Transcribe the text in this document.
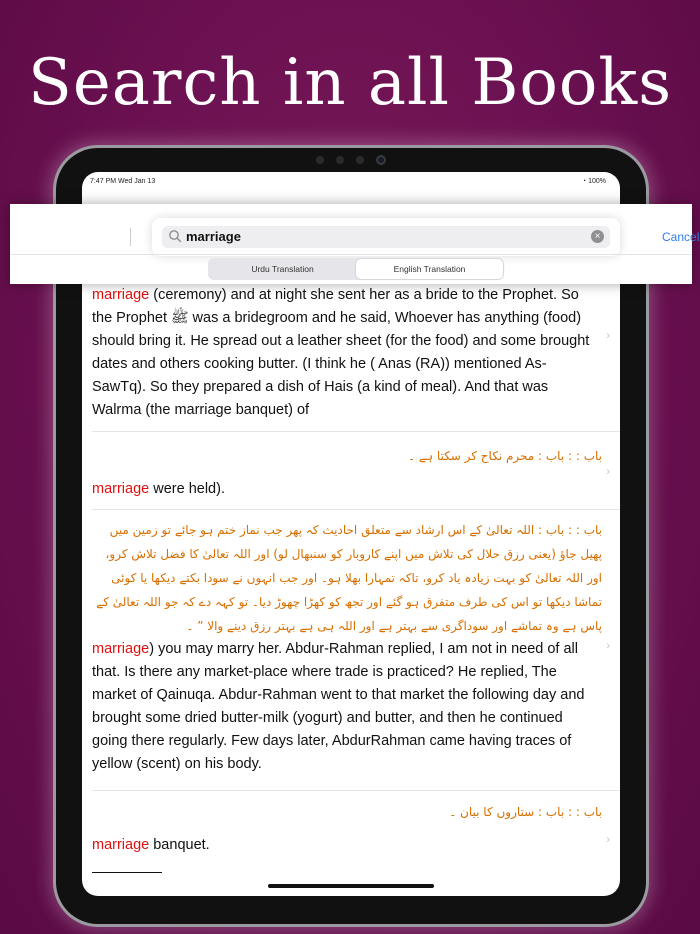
Search in all Books
7:47 PM Wed Jan 13	◔ 100%
marriage (ceremony) and at night she sent her as a bride to the Prophet. So the Prophet ﷺ was a bridegroom and he said, Whoever has anything (food) should bring it. He spread out a leather sheet (for the food) and some brought dates and others cooking butter. (I think he ( Anas (RA)) mentioned As-SawTq). So they prepared a dish of Hais (a kind of meal). And that was Walrma (the marriage banquet) of
›
باب : : باب : محرم نکاح کر سکتا ہے ۔
marriage were held).
›
باب : : باب : اللہ تعالیٰ کے اس ارشاد سے متعلق احادیث کہ پھر جب نماز ختم ہو جائے تو زمین میں پھیل جاؤ (یعنی رزق حلال کی تلاش میں اپنے کاروبار کو سنبھال لو) اور اللہ تعالیٰ کا فضل تلاش کرو، اور اللہ تعالیٰ کو بہت زیادہ یاد کرو، تاکہ تمہارا بھلا ہو۔ اور جب انہوں نے سودا بکتے دیکھا یا کوئی تماشا دیکھا تو اس کی طرف متفرق ہو گئے اور تجھ کو کھڑا چھوڑ دیا۔ تو کہہ دے کہ جو اللہ تعالیٰ کے پاس ہے وہ تماشے اور سوداگری سے بہتر ہے اور اللہ ہی ہے بہتر رزق دینے والا ” ۔
marriage) you may marry her. Abdur-Rahman replied, I am not in need of all that. Is there any market-place where trade is practiced? He replied, The market of Qainuqa. Abdur-Rahman went to that market the following day and brought some dried butter-milk (yogurt) and butter, and then he continued going there regularly. Few days later, AbdurRahman came having traces of yellow (scent) on his body.
›
باب : : باب : ستاروں کا بیان ۔
marriage banquet.	›
marriage	×	Cancel
Urdu Translation	English Translation
